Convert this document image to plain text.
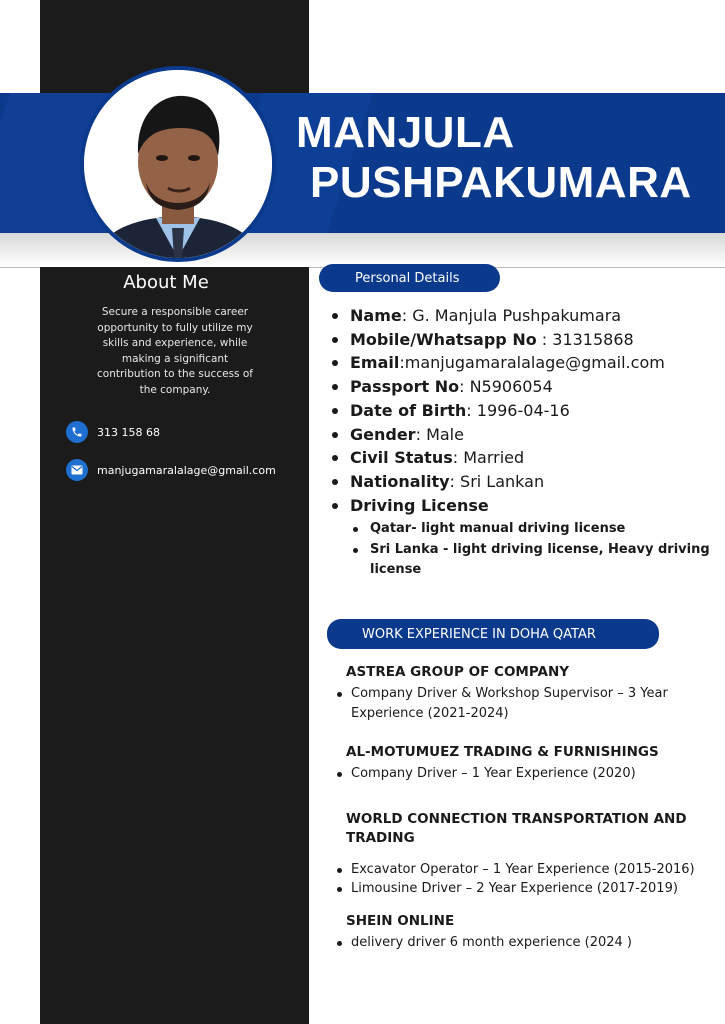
MANJULA
PUSHPAKUMARA
About Me
Secure a responsible career opportunity to fully utilize my skills and experience, while making a significant contribution to the success of the company.
313 158 68
manjugamaralalage@gmail.com
Personal Details
Name: G. Manjula Pushpakumara
Mobile/Whatsapp No : 31315868
Email:manjugamaralalage@gmail.com
Passport No: N5906054
Date of Birth: 1996-04-16
Gender: Male
Civil Status: Married
Nationality: Sri Lankan
Driving License
Qatar- light manual driving license
Sri Lanka - light driving license, Heavy driving license
WORK EXPERIENCE IN DOHA QATAR
ASTREA GROUP OF COMPANY
Company Driver & Workshop Supervisor – 3 Year Experience (2021-2024)
AL-MOTUMUEZ TRADING & FURNISHINGS
Company Driver – 1 Year Experience (2020)
WORLD CONNECTION TRANSPORTATION AND TRADING
Excavator Operator – 1 Year Experience (2015-2016)
Limousine Driver – 2 Year Experience (2017-2019)
SHEIN ONLINE
delivery driver 6 month experience (2024 )
